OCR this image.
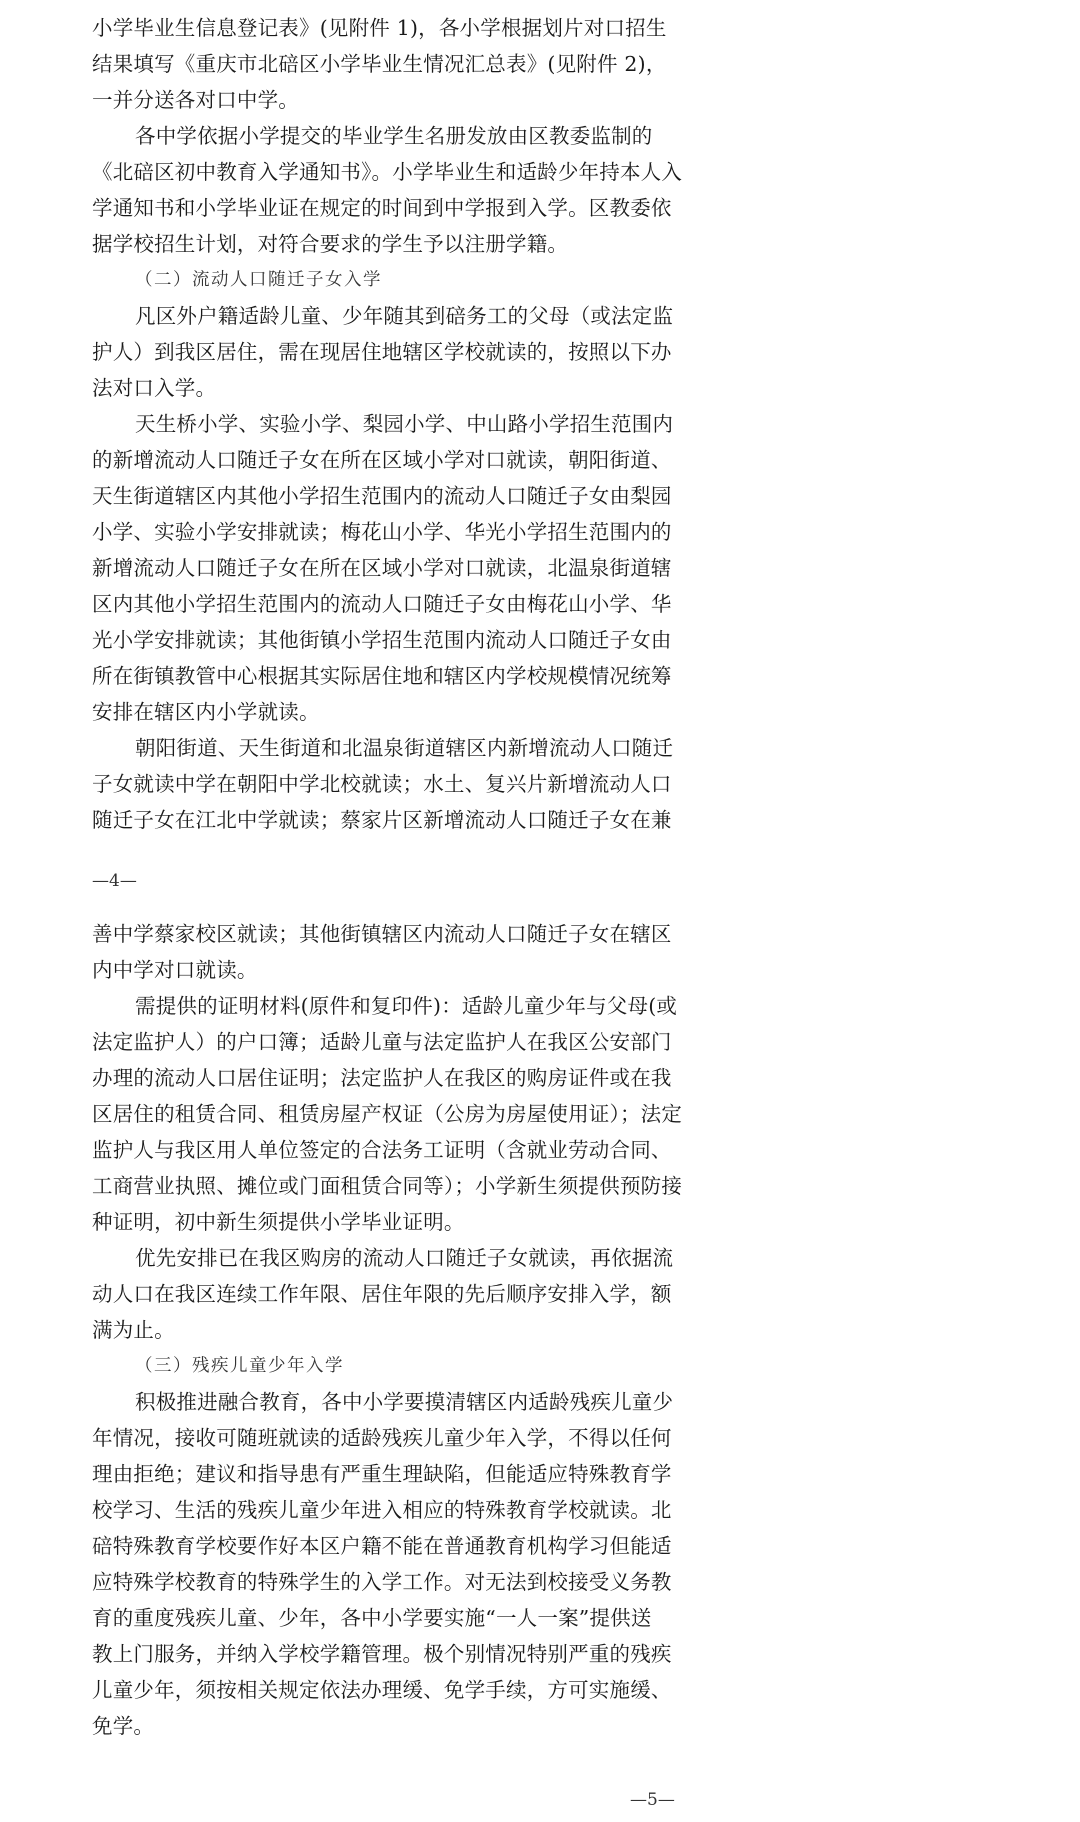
小学毕业生信息登记表》(见附件 1)，各小学根据划片对口招生
结果填写《重庆市北碚区小学毕业生情况汇总表》(见附件 2)，
一并分送各对口中学。
各中学依据小学提交的毕业学生名册发放由区教委监制的
《北碚区初中教育入学通知书》。小学毕业生和适龄少年持本人入
学通知书和小学毕业证在规定的时间到中学报到入学。区教委依
据学校招生计划，对符合要求的学生予以注册学籍。
（二）流动人口随迁子女入学
凡区外户籍适龄儿童、少年随其到碚务工的父母（或法定监
护人）到我区居住，需在现居住地辖区学校就读的，按照以下办
法对口入学。
天生桥小学、实验小学、梨园小学、中山路小学招生范围内
的新增流动人口随迁子女在所在区域小学对口就读，朝阳街道、
天生街道辖区内其他小学招生范围内的流动人口随迁子女由梨园
小学、实验小学安排就读；梅花山小学、华光小学招生范围内的
新增流动人口随迁子女在所在区域小学对口就读，北温泉街道辖
区内其他小学招生范围内的流动人口随迁子女由梅花山小学、华
光小学安排就读；其他街镇小学招生范围内流动人口随迁子女由
所在街镇教管中心根据其实际居住地和辖区内学校规模情况统筹
安排在辖区内小学就读。
朝阳街道、天生街道和北温泉街道辖区内新增流动人口随迁
子女就读中学在朝阳中学北校就读；水土、复兴片新增流动人口
随迁子女在江北中学就读；蔡家片区新增流动人口随迁子女在兼
—4—
善中学蔡家校区就读；其他街镇辖区内流动人口随迁子女在辖区
内中学对口就读。
需提供的证明材料(原件和复印件)：适龄儿童少年与父母(或
法定监护人）的户口簿；适龄儿童与法定监护人在我区公安部门
办理的流动人口居住证明；法定监护人在我区的购房证件或在我
区居住的租赁合同、租赁房屋产权证（公房为房屋使用证）；法定
监护人与我区用人单位签定的合法务工证明（含就业劳动合同、
工商营业执照、摊位或门面租赁合同等）；小学新生须提供预防接
种证明，初中新生须提供小学毕业证明。
优先安排已在我区购房的流动人口随迁子女就读，再依据流
动人口在我区连续工作年限、居住年限的先后顺序安排入学，额
满为止。
（三）残疾儿童少年入学
积极推进融合教育，各中小学要摸清辖区内适龄残疾儿童少
年情况，接收可随班就读的适龄残疾儿童少年入学，不得以任何
理由拒绝；建议和指导患有严重生理缺陷，但能适应特殊教育学
校学习、生活的残疾儿童少年进入相应的特殊教育学校就读。北
碚特殊教育学校要作好本区户籍不能在普通教育机构学习但能适
应特殊学校教育的特殊学生的入学工作。对无法到校接受义务教
育的重度残疾儿童、少年，各中小学要实施“一人一案”提供送
教上门服务，并纳入学校学籍管理。极个别情况特别严重的残疾
儿童少年，须按相关规定依法办理缓、免学手续，方可实施缓、
免学。
—5—
